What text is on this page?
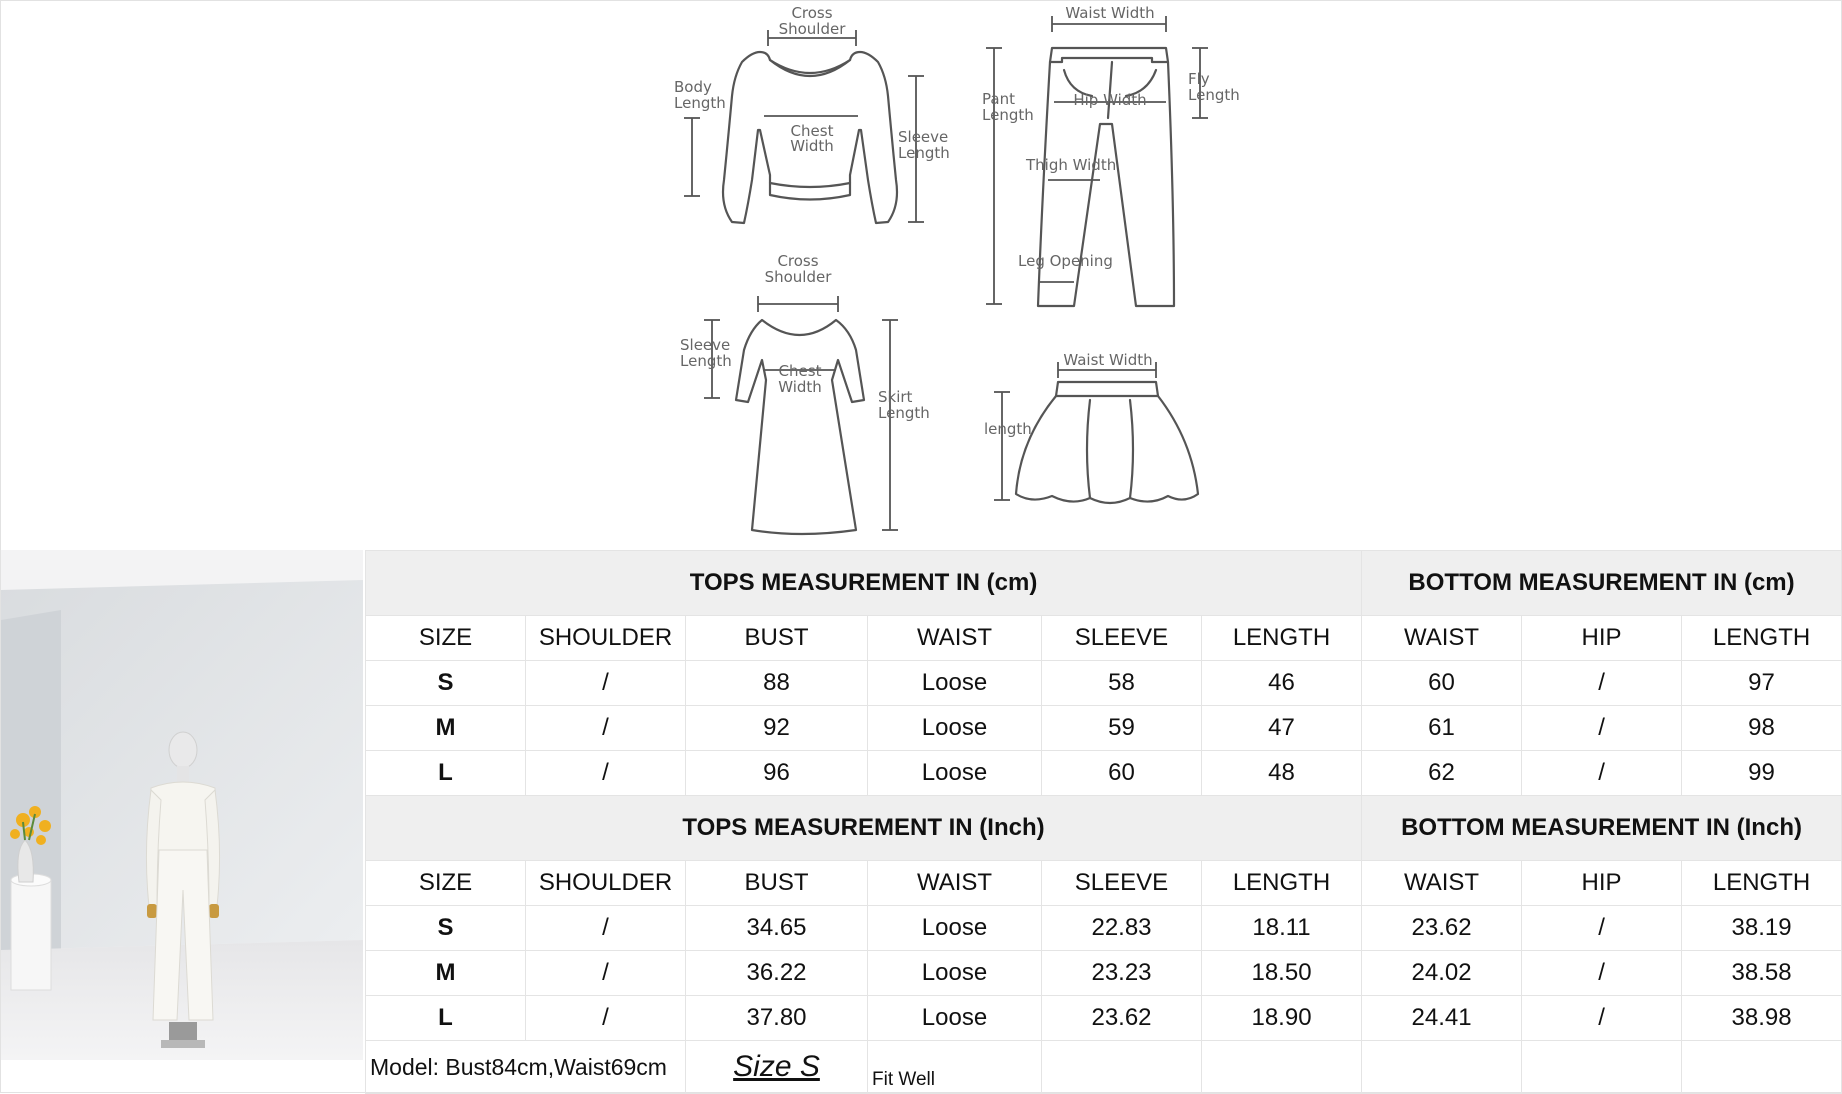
Cross
Shoulder
Body
Length
Chest
Width	Sleeve
Length
Waist Width
Fly
Length
Pant
Length
Hip Width
Thigh Width
Leg Opening
Cross
Shoulder
Sleeve
Length
Chest
Width
Skirt
Length
Waist Width
length
TOPS MEASUREMENT IN (cm)						BOTTOM MEASUREMENT IN (cm)		
SIZE	SHOULDER	BUST	WAIST	SLEEVE	LENGTH	WAIST	HIP	LENGTH
S	/	88	Loose	58	46	60	/	97
M	/	92	Loose	59	47	61	/	98
L	/	96	Loose	60	48	62	/	99
TOPS MEASUREMENT IN (Inch)						BOTTOM MEASUREMENT IN (Inch)		
SIZE	SHOULDER	BUST	WAIST	SLEEVE	LENGTH	WAIST	HIP	LENGTH
S	/	34.65	Loose	22.83	18.11	23.62	/	38.19
M	/	36.22	Loose	23.23	18.50	24.02	/	38.58
L	/	37.80	Loose	23.62	18.90	24.41	/	38.98
Model: Bust84cm,Waist69cm		Size S	Fit Well					
